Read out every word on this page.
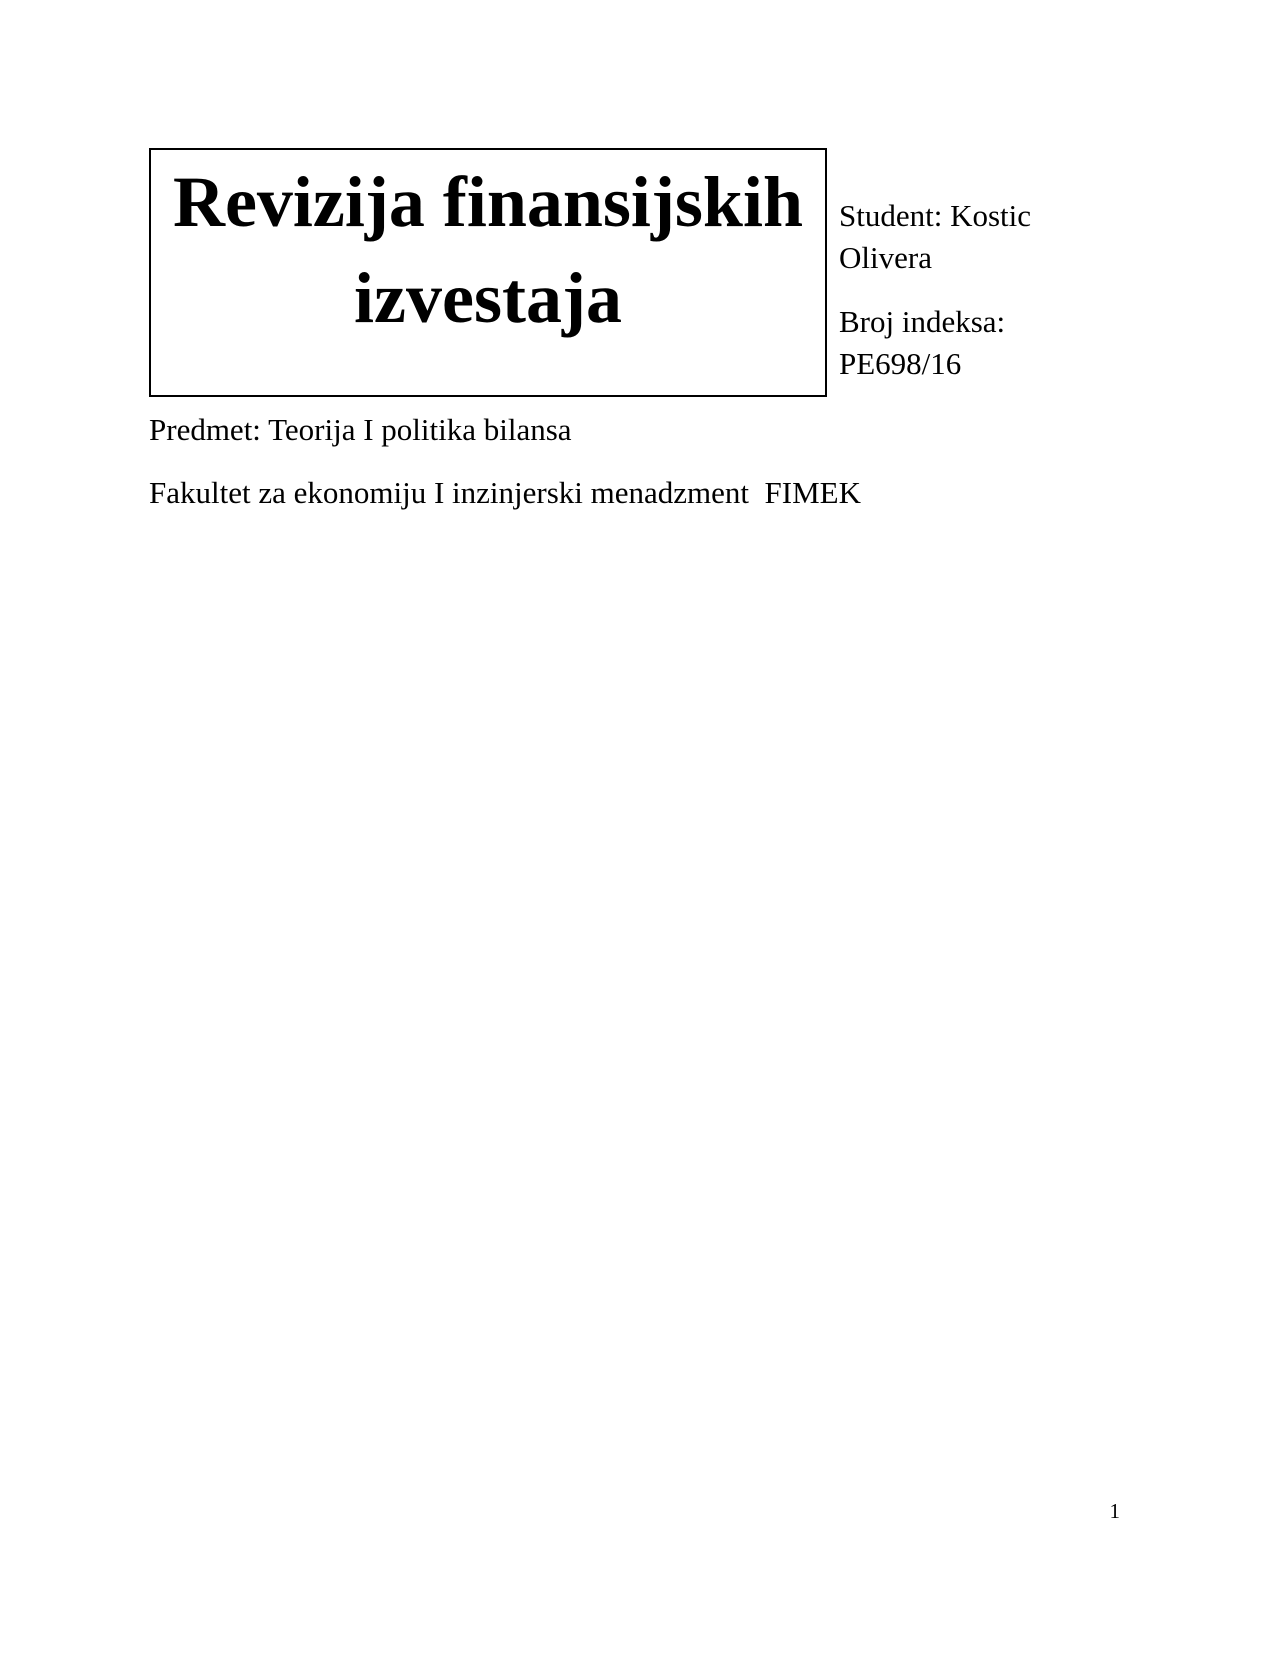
Revizija finansijskih izvestaja

Student: Kostic Olivera

Broj indeksa: PE698/16

Predmet: Teorija I politika bilansa

Fakultet za ekonomiju I inzinjerski menadzment  FIMEK

1
